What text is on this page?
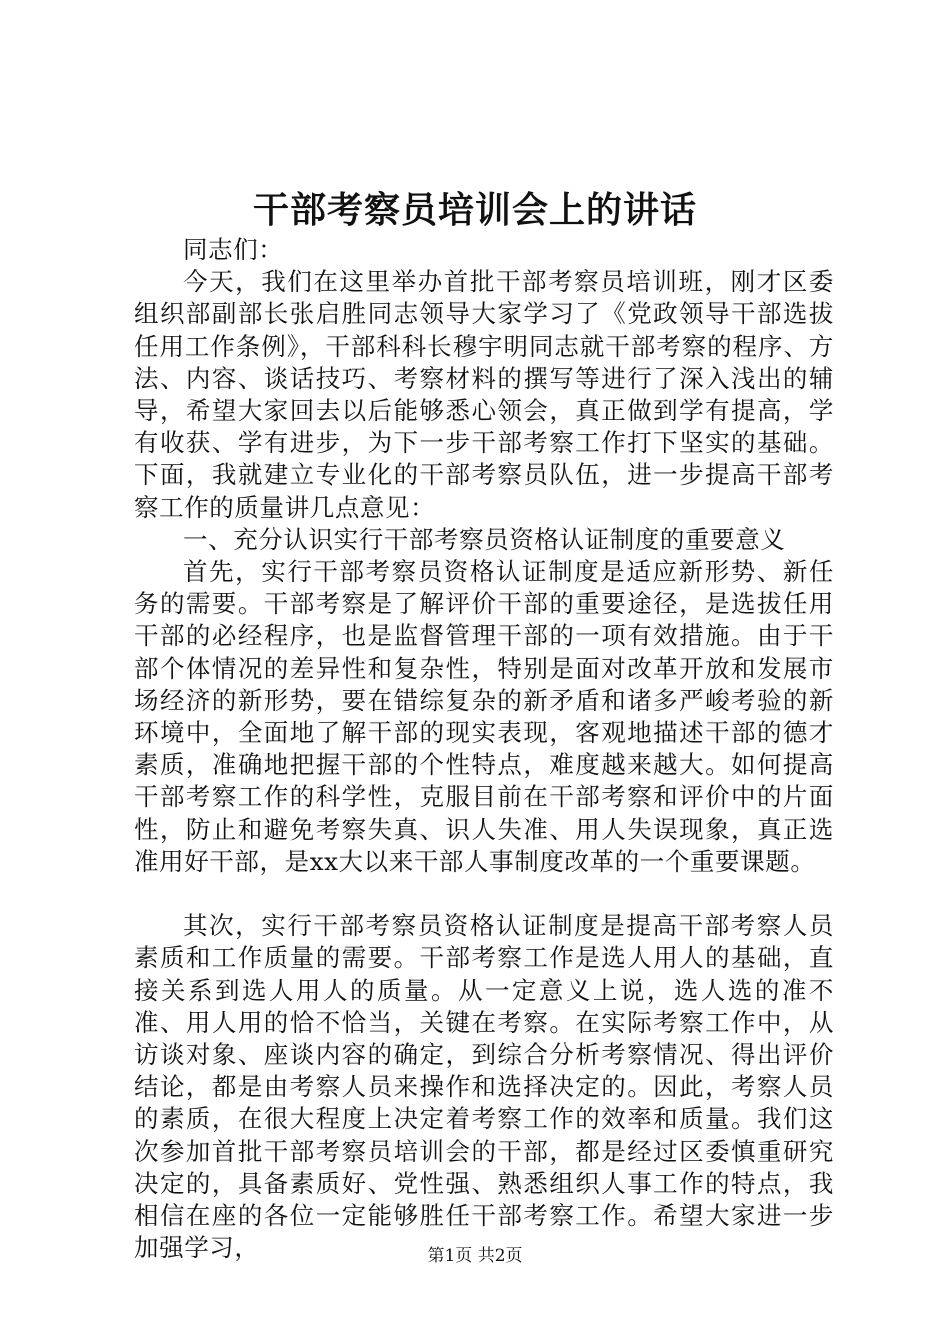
干部考察员培训会上的讲话

同志们：

今天，我们在这里举办首批干部考察员培训班，刚才区委组织部副部长张启胜同志领导大家学习了《党政领导干部选拔任用工作条例》，干部科科长穆宇明同志就干部考察的程序、方法、内容、谈话技巧、考察材料的撰写等进行了深入浅出的辅导，希望大家回去以后能够悉心领会，真正做到学有提高，学有收获、学有进步，为下一步干部考察工作打下坚实的基础。下面，我就建立专业化的干部考察员队伍，进一步提高干部考察工作的质量讲几点意见：

一、充分认识实行干部考察员资格认证制度的重要意义

首先，实行干部考察员资格认证制度是适应新形势、新任务的需要。干部考察是了解评价干部的重要途径，是选拔任用干部的必经程序，也是监督管理干部的一项有效措施。由于干部个体情况的差异性和复杂性，特别是面对改革开放和发展市场经济的新形势，要在错综复杂的新矛盾和诸多严峻考验的新环境中，全面地了解干部的现实表现，客观地描述干部的德才素质，准确地把握干部的个性特点，难度越来越大。如何提高干部考察工作的科学性，克服目前在干部考察和评价中的片面性，防止和避免考察失真、识人失准、用人失误现象，真正选准用好干部，是xx大以来干部人事制度改革的一个重要课题。

其次，实行干部考察员资格认证制度是提高干部考察人员素质和工作质量的需要。干部考察工作是选人用人的基础，直接关系到选人用人的质量。从一定意义上说，选人选的准不准、用人用的恰不恰当，关键在考察。在实际考察工作中，从访谈对象、座谈内容的确定，到综合分析考察情况、得出评价结论，都是由考察人员来操作和选择决定的。因此，考察人员的素质，在很大程度上决定着考察工作的效率和质量。我们这次参加首批干部考察员培训会的干部，都是经过区委慎重研究决定的，具备素质好、党性强、熟悉组织人事工作的特点，我相信在座的各位一定能够胜任干部考察工作。希望大家进一步加强学习，	第1页 共2页
